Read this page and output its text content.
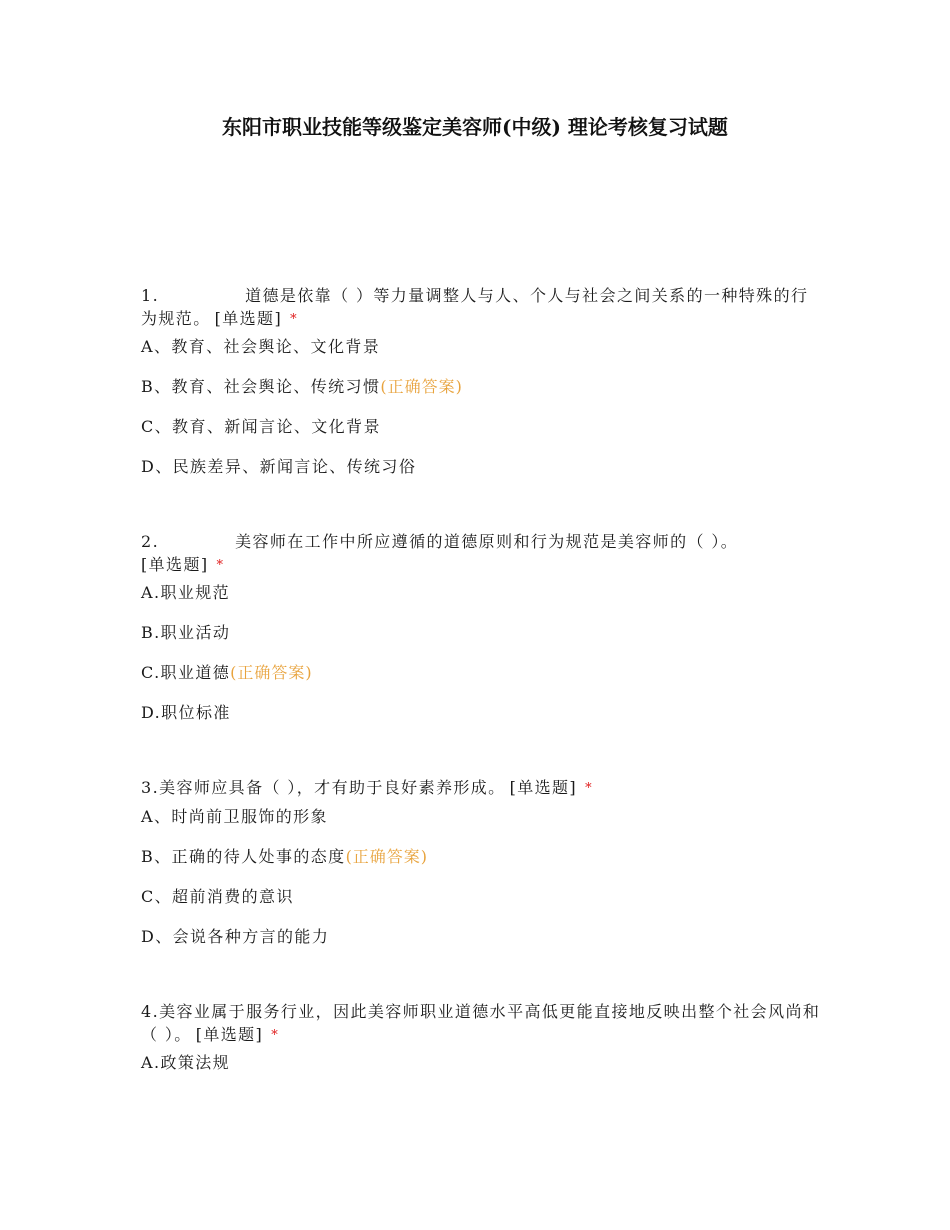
东阳市职业技能等级鉴定美容师(中级) 理论考核复习试题

1.	道德是依靠（ ）等力量调整人与人、个人与社会之间关系的一种特殊的行为规范。 [单选题] *

A、教育、社会舆论、文化背景

B、教育、社会舆论、传统习惯(正确答案)

C、教育、新闻言论、文化背景

D、民族差异、新闻言论、传统习俗

2.	美容师在工作中所应遵循的道德原则和行为规范是美容师的（ ）。
[单选题] *

A.职业规范

B.职业活动

C.职业道德(正确答案)

D.职位标准

3.美容师应具备（ ），才有助于良好素养形成。 [单选题] *

A、时尚前卫服饰的形象

B、正确的待人处事的态度(正确答案)

C、超前消费的意识

D、会说各种方言的能力

4.美容业属于服务行业，因此美容师职业道德水平高低更能直接地反映出整个社会风尚和（ ）。 [单选题] *

A.政策法规
